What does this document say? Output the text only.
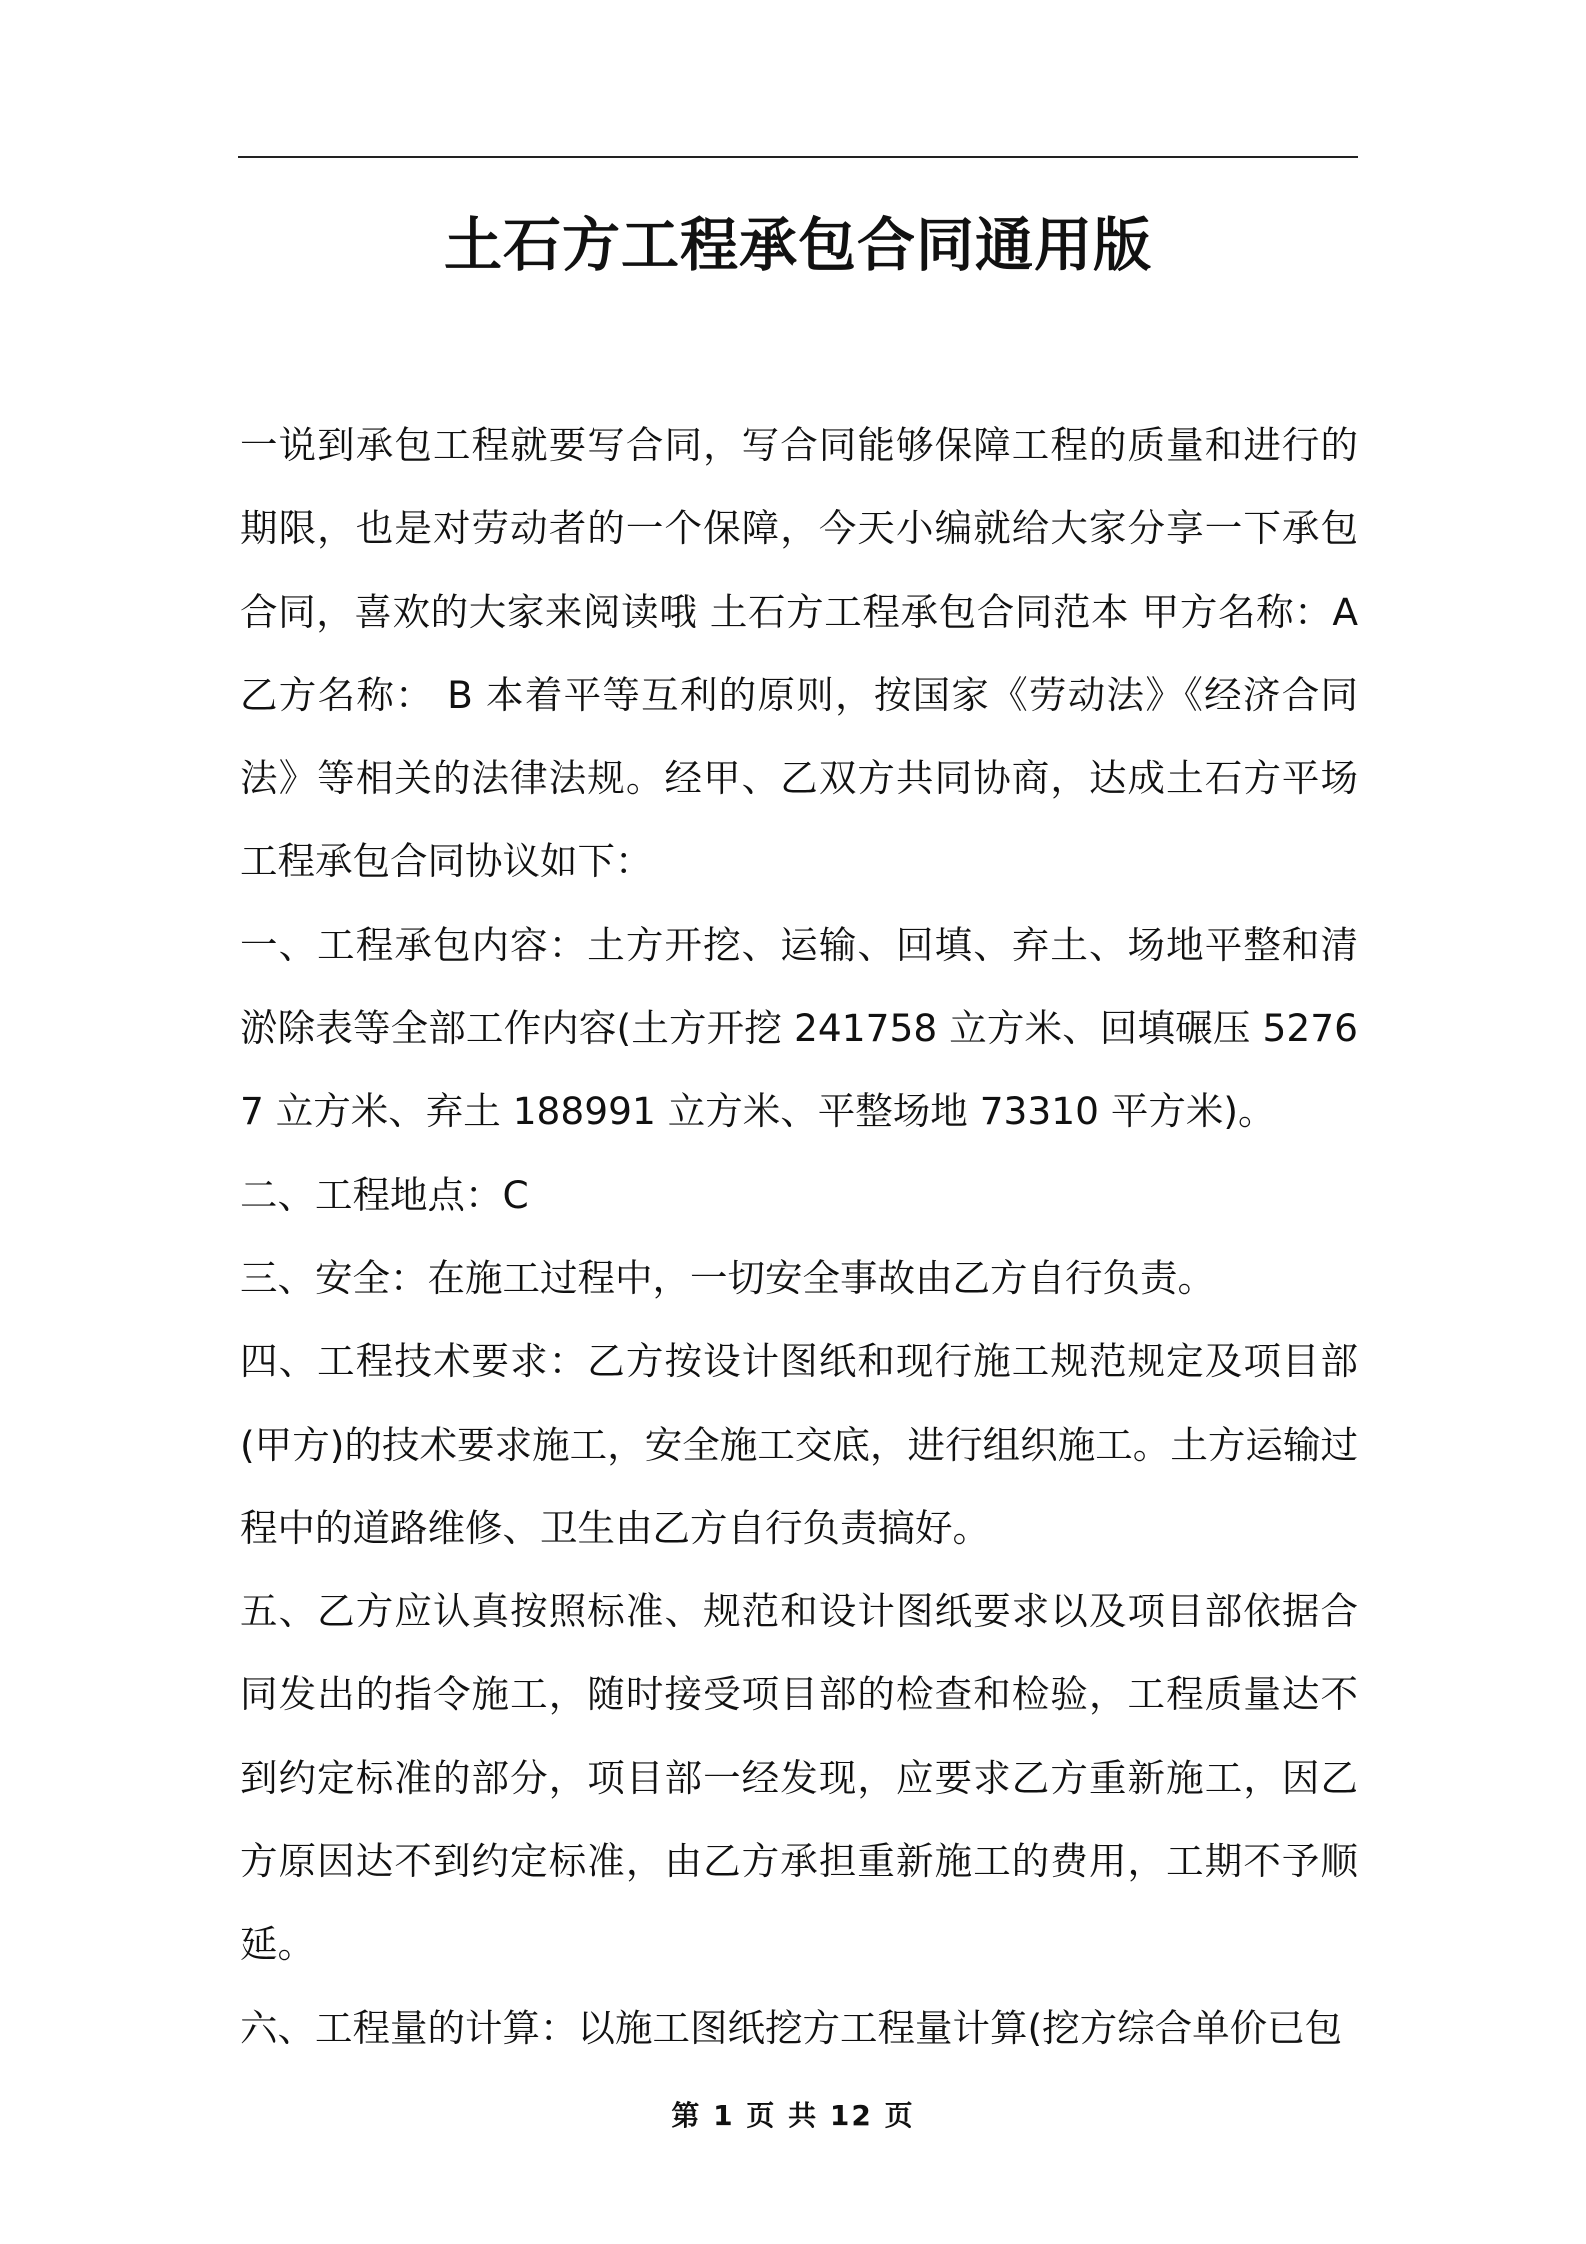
土石方工程承包合同通用版

一说到承包工程就要写合同，写合同能够保障工程的质量和进行的期限，也是对劳动者的一个保障，今天小编就给大家分享一下承包合同，喜欢的大家来阅读哦 土石方工程承包合同范本 甲方名称：A 乙方名称： B 本着平等互利的原则，按国家《劳动法》《经济合同法》等相关的法律法规。经甲、乙双方共同协商，达成土石方平场工程承包合同协议如下：

一、工程承包内容：土方开挖、运输、回填、弃土、场地平整和清淤除表等全部工作内容(土方开挖 241758 立方米、回填碾压 52767 立方米、弃土 188991 立方米、平整场地 73310 平方米)。

二、工程地点：C

三、安全：在施工过程中，一切安全事故由乙方自行负责。

四、工程技术要求：乙方按设计图纸和现行施工规范规定及项目部(甲方)的技术要求施工，安全施工交底，进行组织施工。土方运输过程中的道路维修、卫生由乙方自行负责搞好。

五、乙方应认真按照标准、规范和设计图纸要求以及项目部依据合同发出的指令施工，随时接受项目部的检查和检验，工程质量达不到约定标准的部分，项目部一经发现，应要求乙方重新施工，因乙方原因达不到约定标准，由乙方承担重新施工的费用，工期不予顺延。

六、工程量的计算：以施工图纸挖方工程量计算(挖方综合单价已包

第 1 页 共 12 页
